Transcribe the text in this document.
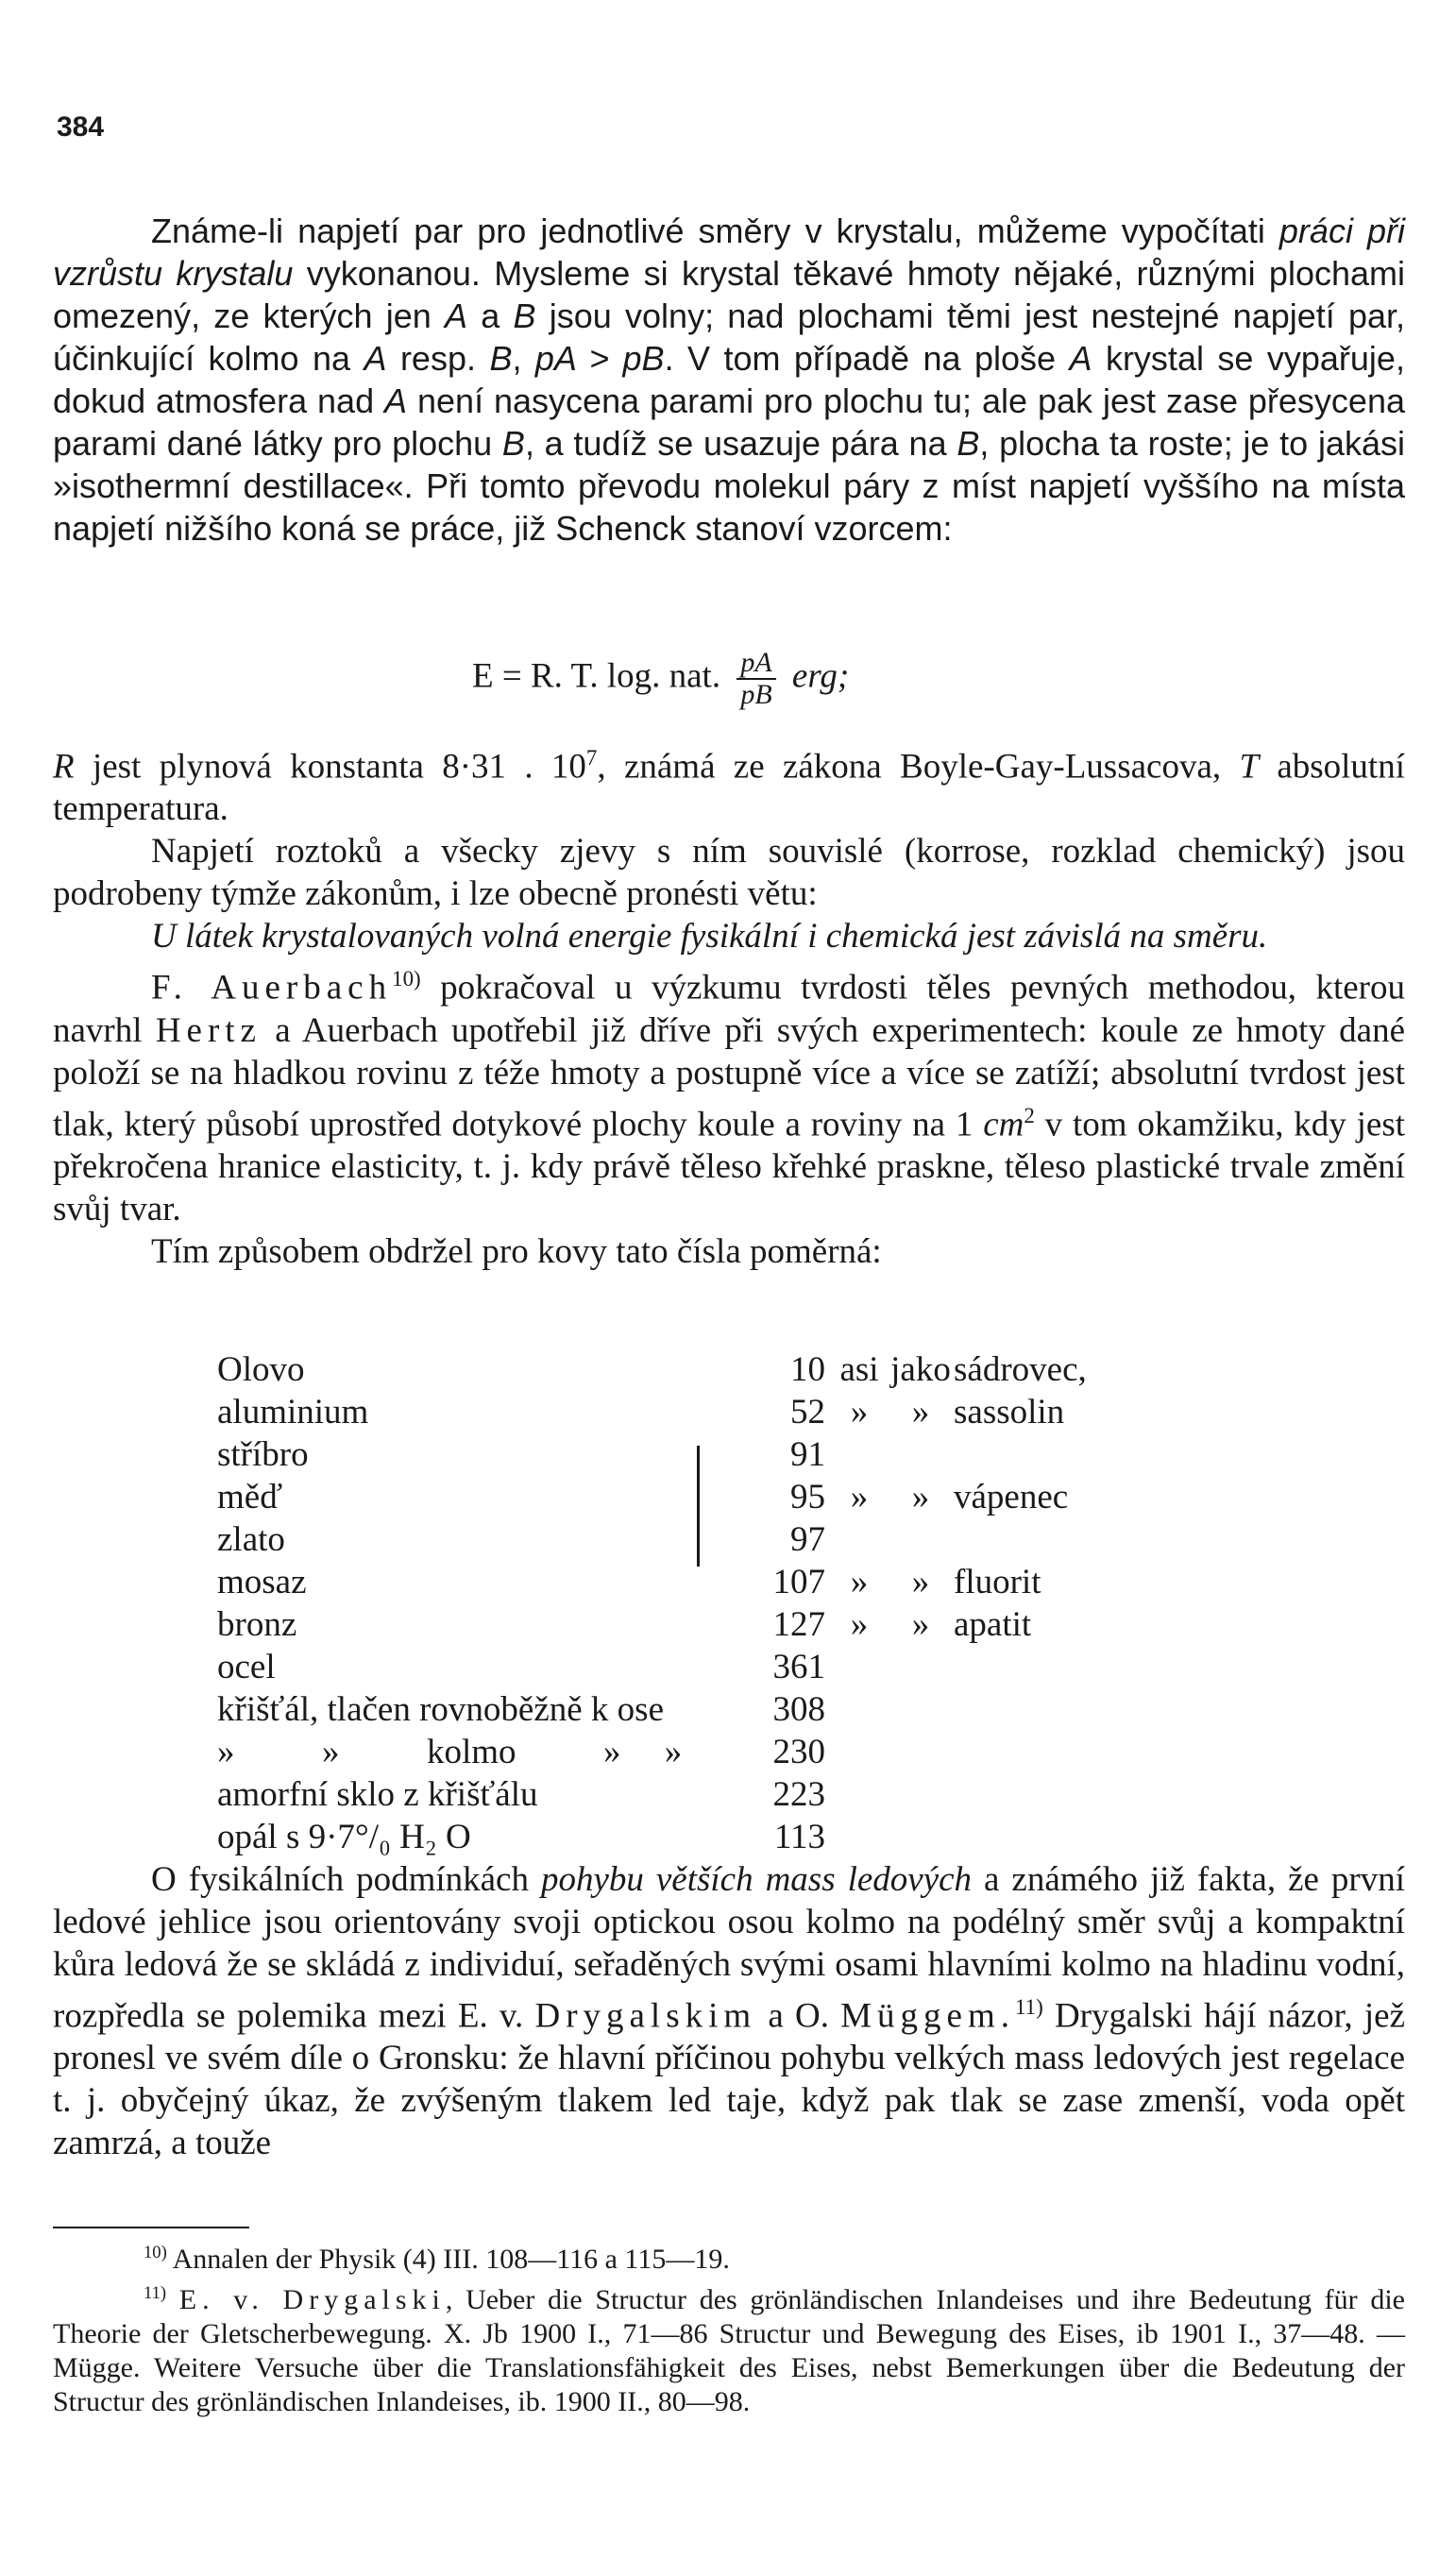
384

Známe-li napjetí par pro jednotlivé směry v krystalu, můžeme vypočítati práci při vzrůstu krystalu vykonanou. Mysleme si krystal těkavé hmoty nějaké, různými plochami omezený, ze kterých jen A a B jsou volny; nad plochami těmi jest nestejné napjetí par, účinkující kolmo na A resp. B, pA > pB. V tom případě na ploše A krystal se vypařuje, dokud atmosfera nad A není nasycena parami pro plochu tu; ale pak jest zase přesycena parami dané látky pro plochu B, a tudíž se usazuje pára na B, plocha ta roste; je to jakási »isothermní destillace«. Při tomto převodu molekul páry z míst napjetí vyššího na místa napjetí nižšího koná se práce, již Schenck stanoví vzorcem:

E = R. T. log. nat. $\frac{pA}{pB}$ erg;

R jest plynová konstanta 8·31 . $10^7$, známá ze zákona Boyle-Gay-Lussacova, T absolutní temperatura.

Napjetí roztoků a všecky zjevy s ním souvislé (korrose, rozklad chemický) jsou podrobeny týmže zákonům, i lze obecně pronésti větu:

U látek krystalovaných volná energie fysikální i chemická jest závislá na směru.

F. Auerbach$^{10)}$ pokračoval u výzkumu tvrdosti těles pevných methodou, kterou navrhl Hertz a Auerbach upotřebil již dříve při svých experimentech: koule ze hmoty dané položí se na hladkou rovinu z téže hmoty a postupně více a více se zatíží; absolutní tvrdost jest tlak, který působí uprostřed dotykové plochy koule a roviny na 1 $cm^2$ v tom okamžiku, kdy jest překročena hranice elasticity, t. j. kdy právě těleso křehké praskne, těleso plastické trvale změní svůj tvar.

Tím způsobem obdržel pro kovy tato čísla poměrná:

Olovo	10 asi jako sádrovec,
aluminium	52 »	» sassolin
stříbro	91
měď	95 »	» vápenec
zlato	97
mosaz	107 »	» fluorit
bronz	127 »	» apatit
ocel	361
křišťál, tlačen rovnoběžně k ose	308
»          »          kolmo          »     »	230
amorfní sklo z křišťálu	223
opál s 9·7°/₀ H₂ O	113

O fysikálních podmínkách pohybu větších mass ledových a známého již fakta, že první ledové jehlice jsou orientovány svoji optickou osou kolmo na podélný směr svůj a kompaktní kůra ledová že se skládá z individuí, seřaděných svými osami hlavními kolmo na hladinu vodní, rozpředla se polemika mezi E. v. Drygalskim a O. Müggem.$^{11)}$ Drygalski hájí názor, jež pronesl ve svém díle o Gronsku: že hlavní příčinou pohybu velkých mass ledových jest regelace t. j. obyčejný úkaz, že zvýšeným tlakem led taje, když pak tlak se zase zmenší, voda opět zamrzá, a touže

$^{10)}$ Annalen der Physik (4) III. 108—116 a 115—19.

$^{11)}$ E. v. Drygalski, Ueber die Structur des grönländischen Inlandeises und ihre Bedeutung für die Theorie der Gletscherbewegung. X. Jb 1900 I., 71—86 Structur und Bewegung des Eises, ib 1901 I., 37—48. — Mügge. Weitere Versuche über die Translationsfähigkeit des Eises, nebst Bemerkungen über die Bedeutung der Structur des grönländischen Inlandeises, ib. 1900 II., 80—98.
